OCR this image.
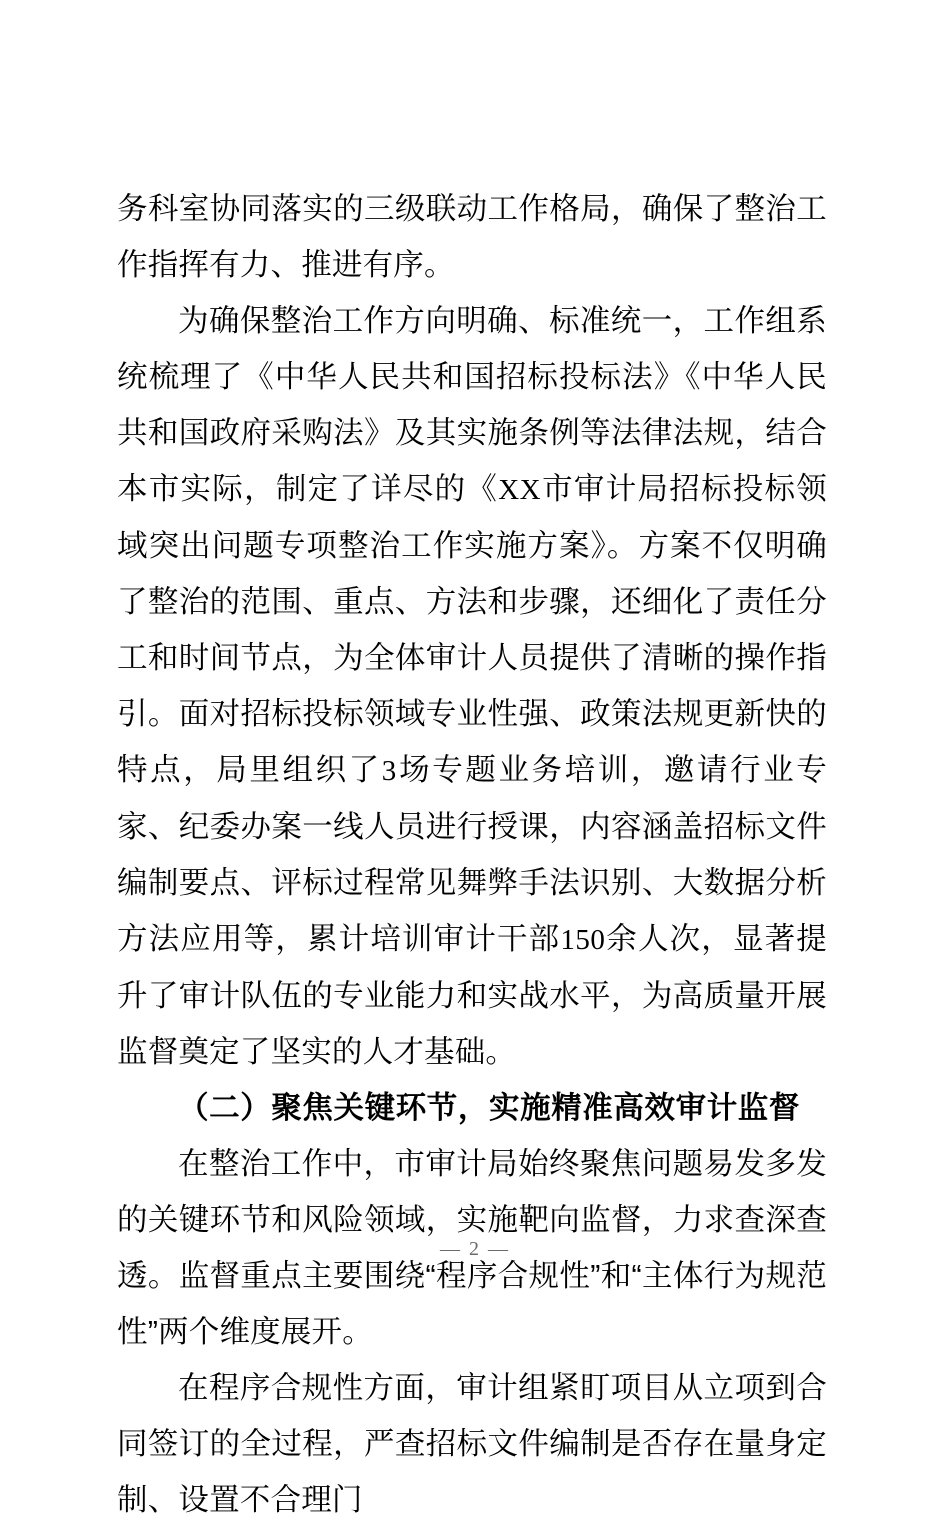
务科室协同落实的三级联动工作格局，确保了整治工作指挥有力、推进有序。

为确保整治工作方向明确、标准统一，工作组系统梳理了《中华人民共和国招标投标法》《中华人民共和国政府采购法》及其实施条例等法律法规，结合本市实际，制定了详尽的《XX市审计局招标投标领域突出问题专项整治工作实施方案》。方案不仅明确了整治的范围、重点、方法和步骤，还细化了责任分工和时间节点，为全体审计人员提供了清晰的操作指引。面对招标投标领域专业性强、政策法规更新快的特点，局里组织了3场专题业务培训，邀请行业专家、纪委办案一线人员进行授课，内容涵盖招标文件编制要点、评标过程常见舞弊手法识别、大数据分析方法应用等，累计培训审计干部150余人次，显著提升了审计队伍的专业能力和实战水平，为高质量开展监督奠定了坚实的人才基础。

（二）聚焦关键环节，实施精准高效审计监督

在整治工作中，市审计局始终聚焦问题易发多发的关键环节和风险领域，实施靶向监督，力求查深查透。监督重点主要围绕“程序合规性”和“主体行为规范性”两个维度展开。

在程序合规性方面，审计组紧盯项目从立项到合同签订的全过程，严查招标文件编制是否存在量身定制、设置不合理门

— 2 —
